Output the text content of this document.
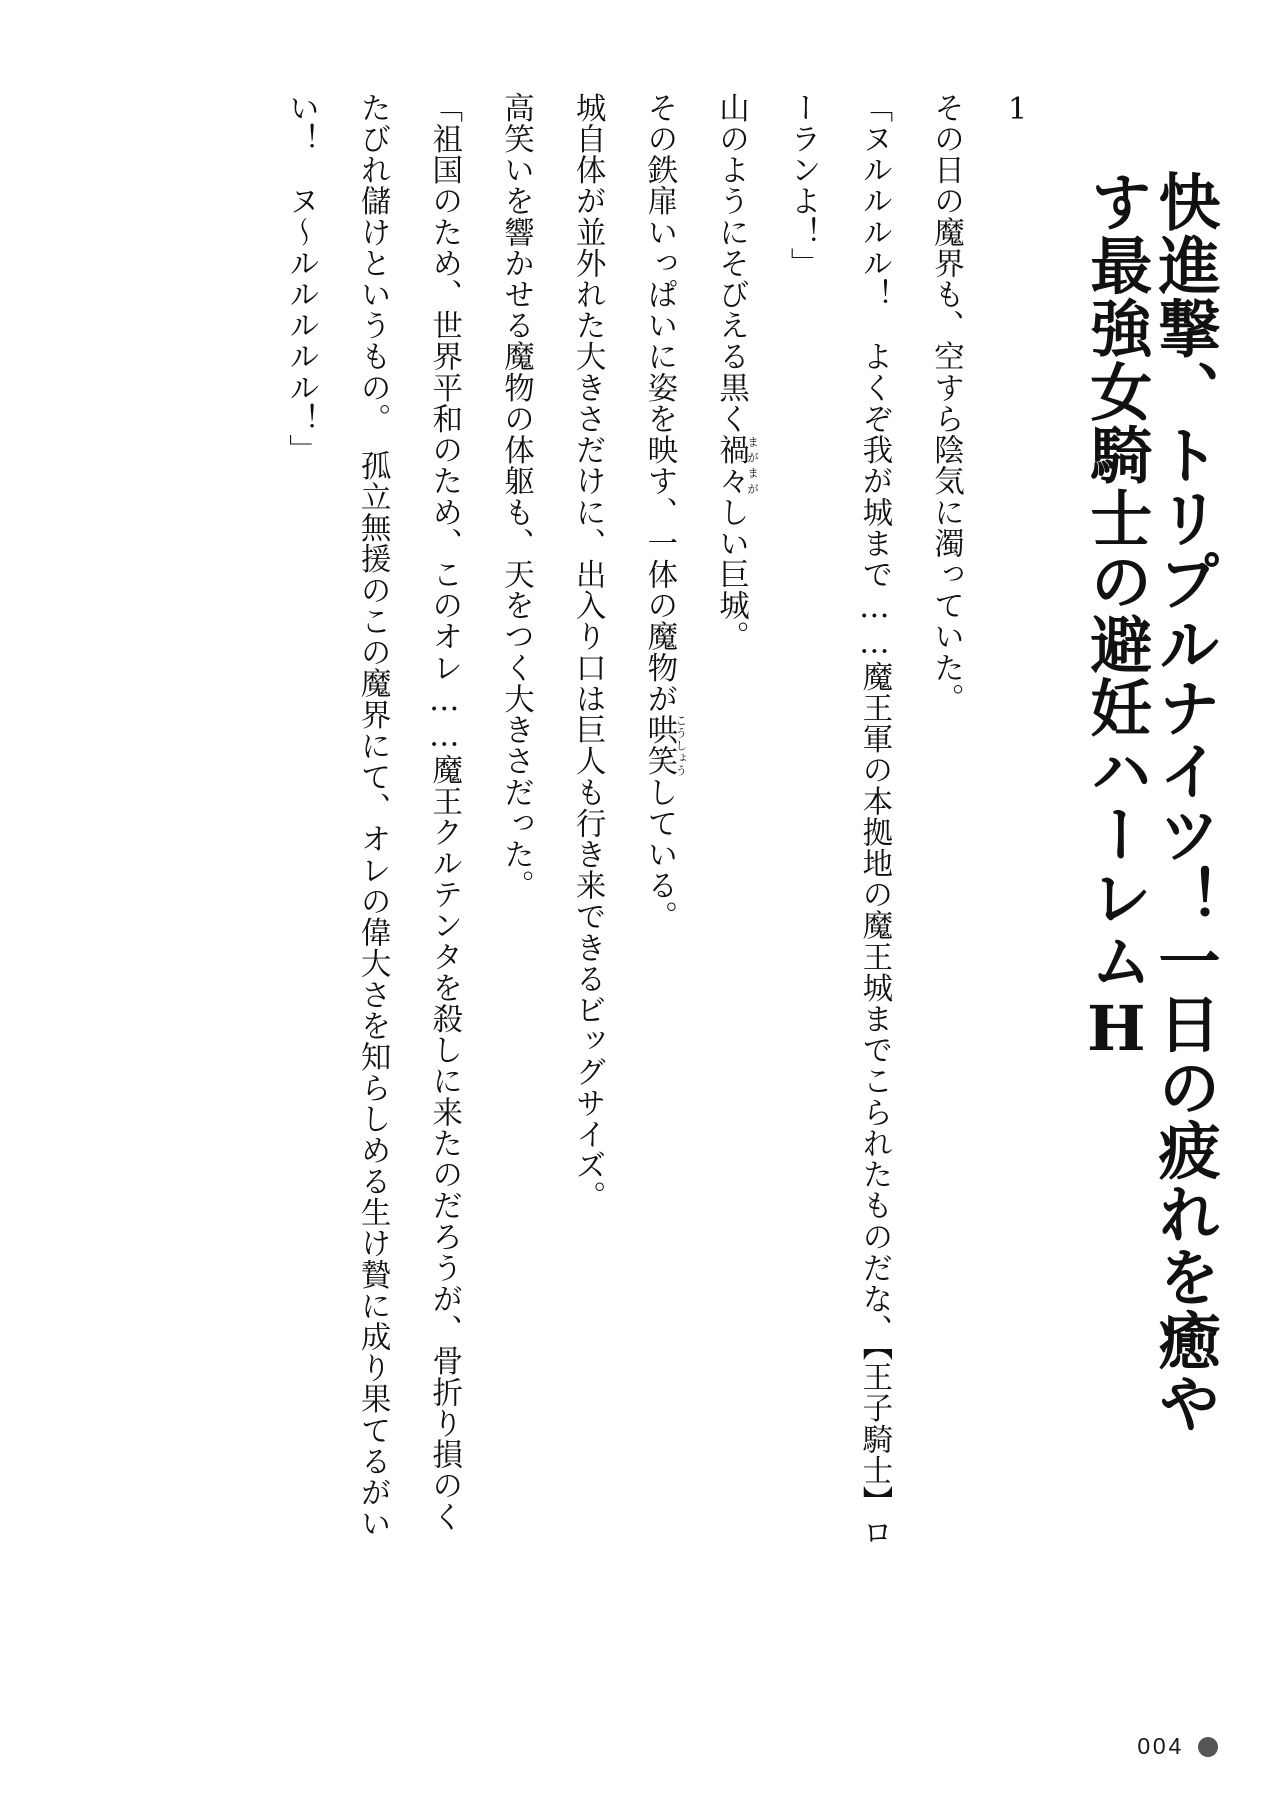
快進撃、トリプルナイツ！一日の疲れを癒やす最強女騎士の避妊ハーレムH

1

その日の魔界も、空すら陰気に濁っていた。

「ヌルルルル！　よくぞ我が城まで……魔王軍の本拠地の魔王城までこられたものだな、【王子騎士】ローランよ！」

山のようにそびえる黒く禍々まがまがしい巨城。

その鉄扉いっぱいに姿を映す、一体の魔物が哄笑こうしょうしている。

城自体が並外れた大きさだけに、出入り口は巨人も行き来できるビッグサイズ。

高笑いを響かせる魔物の体躯も、天をつく大きさだった。

「祖国のため、世界平和のため、このオレ……魔王クルテンタを殺しに来たのだろうが、骨折り損のくたびれ儲けというもの。　孤立無援のこの魔界にて、オレの偉大さを知らしめる生け贄に成り果てるがいい！　ヌ～ルルルルル！」

004
